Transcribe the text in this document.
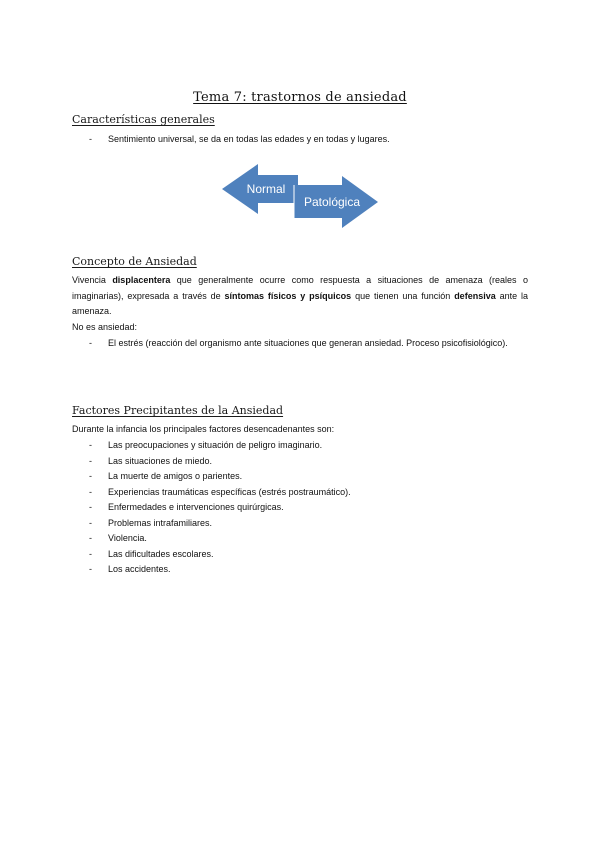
Tema 7: trastornos de ansiedad
Características generales
- Sentimiento universal, se da en todas las edades y en todas y lugares.
Normal
Patológica
Concepto de Ansiedad
Vivencia displacentera que generalmente ocurre como respuesta a situaciones de amenaza (reales o imaginarias), expresada a través de síntomas físicos y psíquicos que tienen una función defensiva ante la amenaza.
No es ansiedad:
- El estrés (reacción del organismo ante situaciones que generan ansiedad. Proceso psicofisiológico).
Factores Precipitantes de la Ansiedad
Durante la infancia los principales factores desencadenantes son:
- Las preocupaciones y situación de peligro imaginario.
- Las situaciones de miedo.
- La muerte de amigos o parientes.
- Experiencias traumáticas específicas (estrés postraumático).
- Enfermedades e intervenciones quirúrgicas.
- Problemas intrafamiliares.
- Violencia.
- Las dificultades escolares.
- Los accidentes.
